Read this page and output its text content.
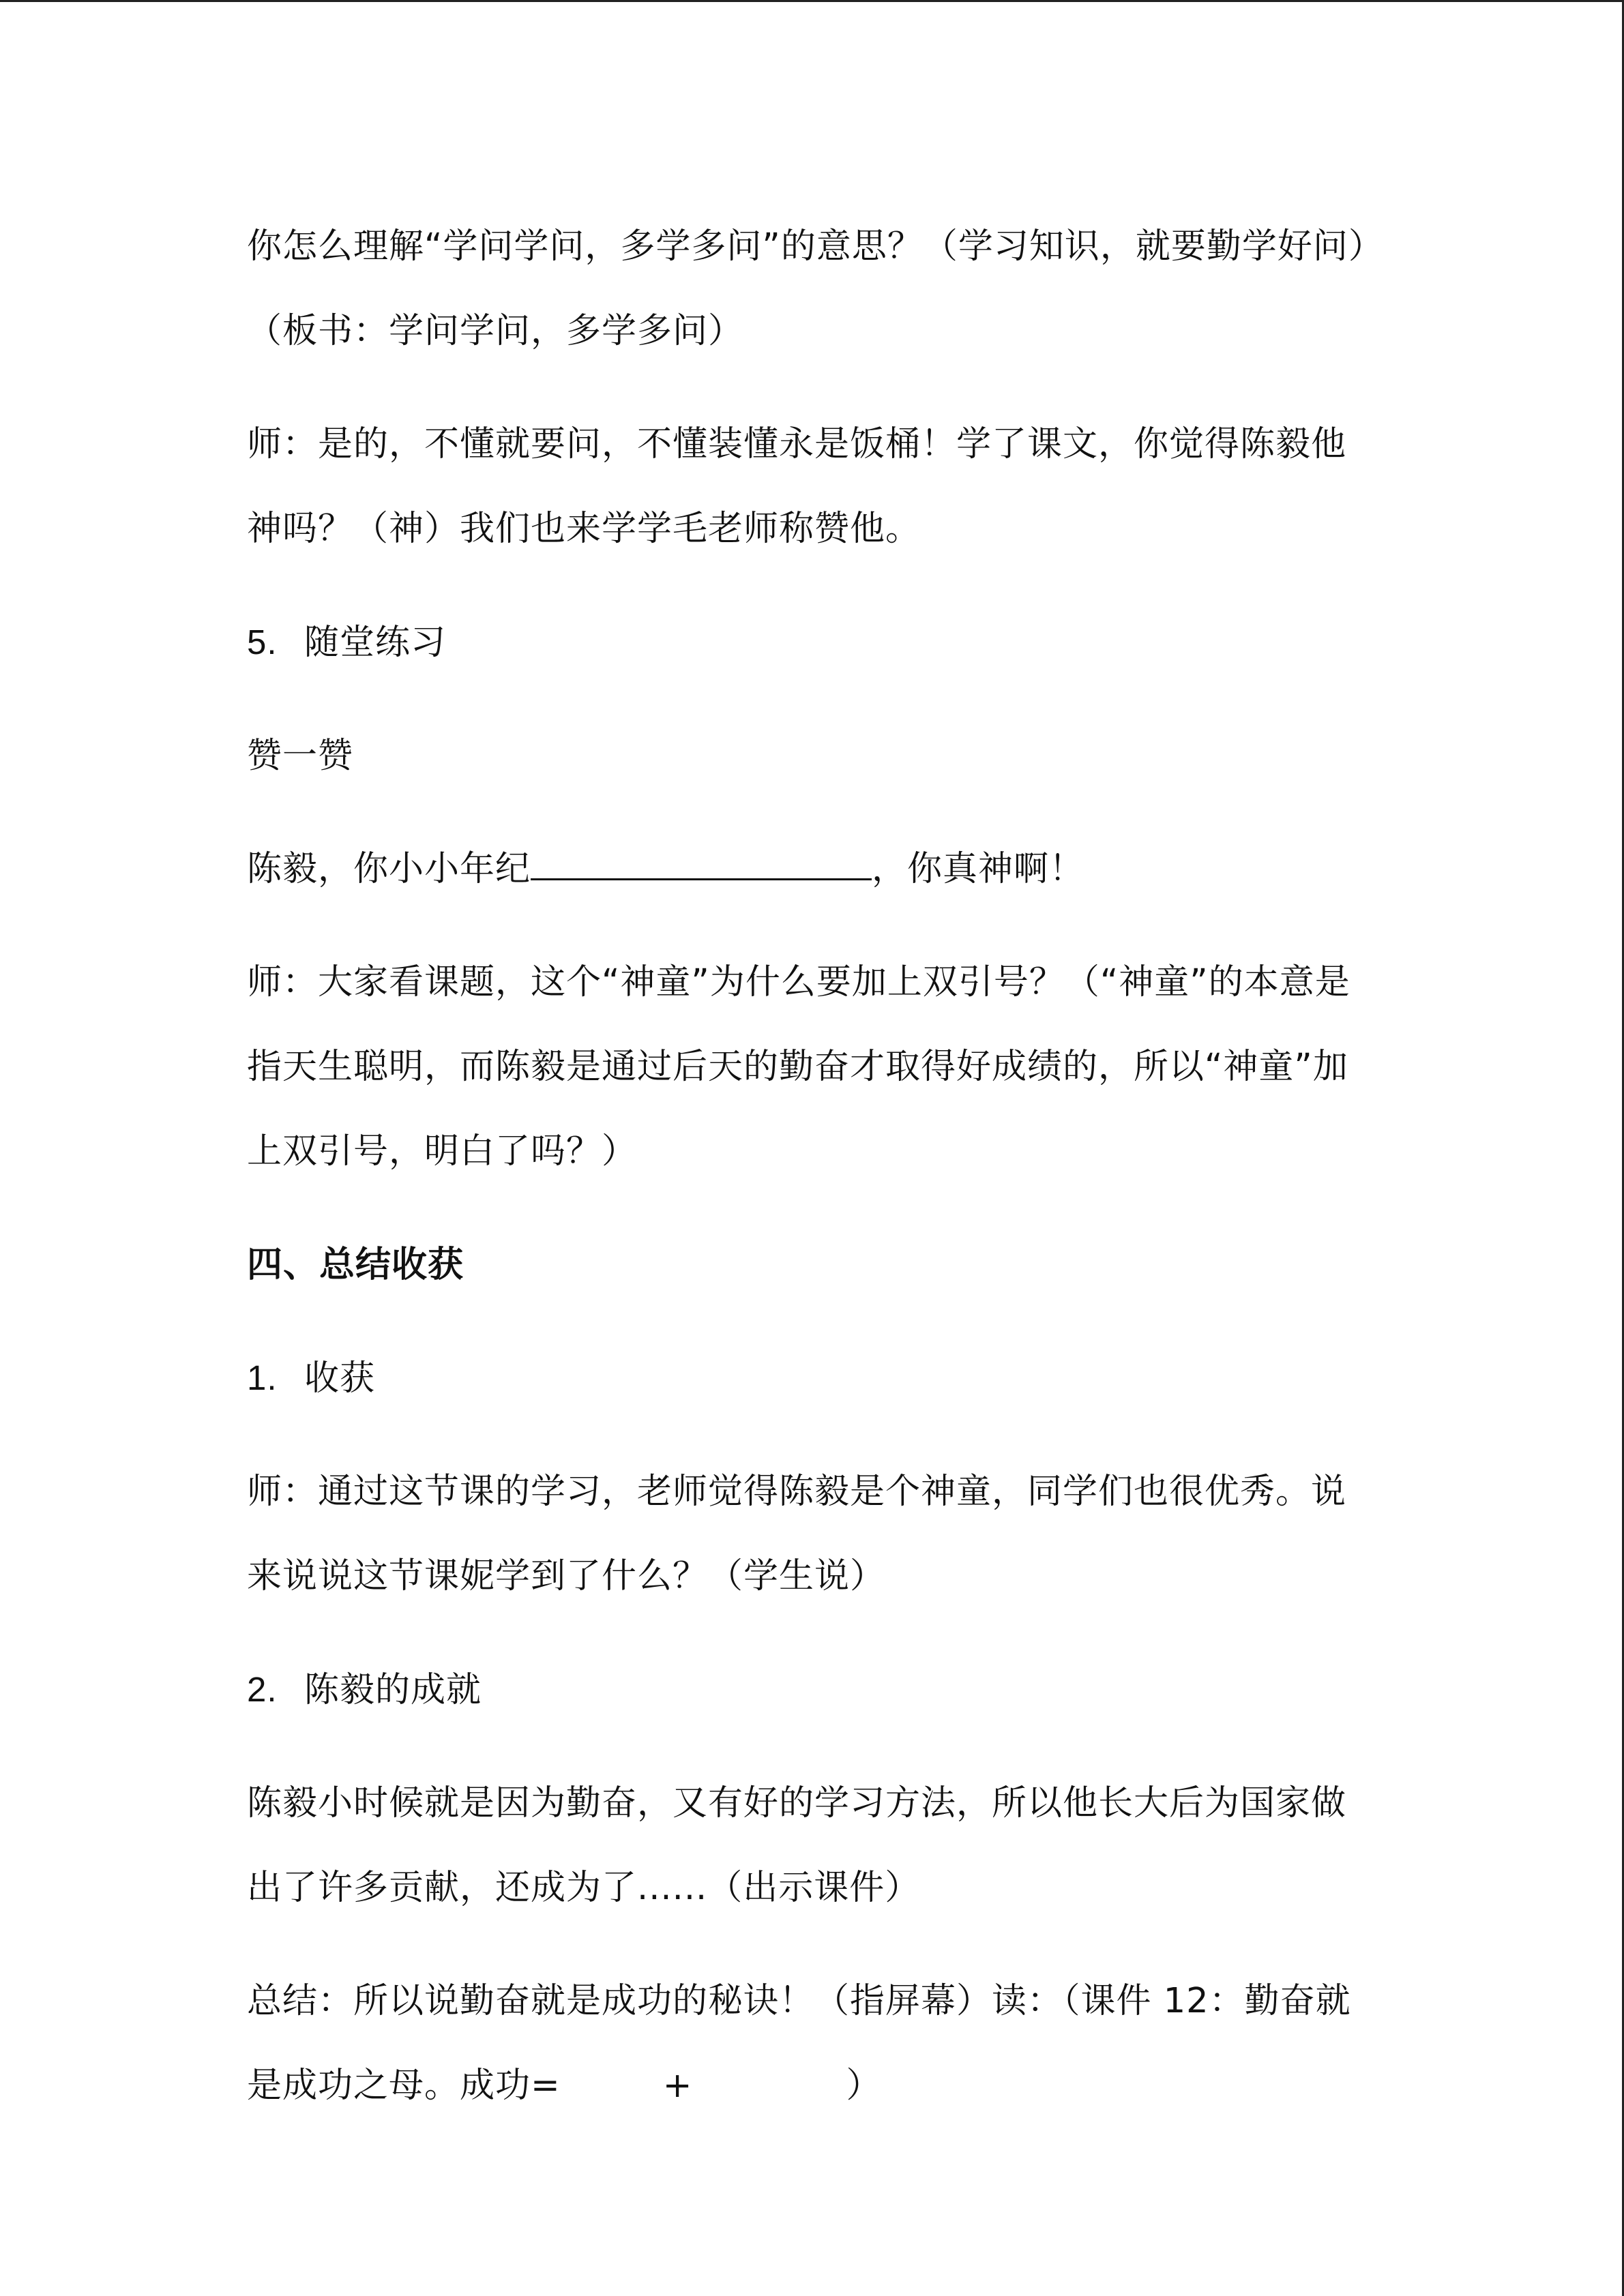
你怎么理解“学问学问，多学多问”的意思？（学习知识，就要勤学好问）（板书：学问学问，多学多问）

师：是的，不懂就要问，不懂装懂永是饭桶！学了课文，你觉得陈毅他神吗？（神）我们也来学学毛老师称赞他。

5. 随堂练习

赞一赞

陈毅，你小小年纪	，你真神啊！

师：大家看课题，这个“神童”为什么要加上双引号？（“神童”的本意是指天生聪明，而陈毅是通过后天的勤奋才取得好成绩的，所以“神童”加上双引号，明白了吗？）

四、总结收获

1. 收获

师：通过这节课的学习，老师觉得陈毅是个神童，同学们也很优秀。说来说说这节课妮学到了什么？（学生说）

2. 陈毅的成就

陈毅小时候就是因为勤奋，又有好的学习方法，所以他长大后为国家做出了许多贡献，还成为了......（出示课件）

总结：所以说勤奋就是成功的秘诀！（指屏幕）读：（课件 12：勤奋就是成功之母。成功=	+	）
